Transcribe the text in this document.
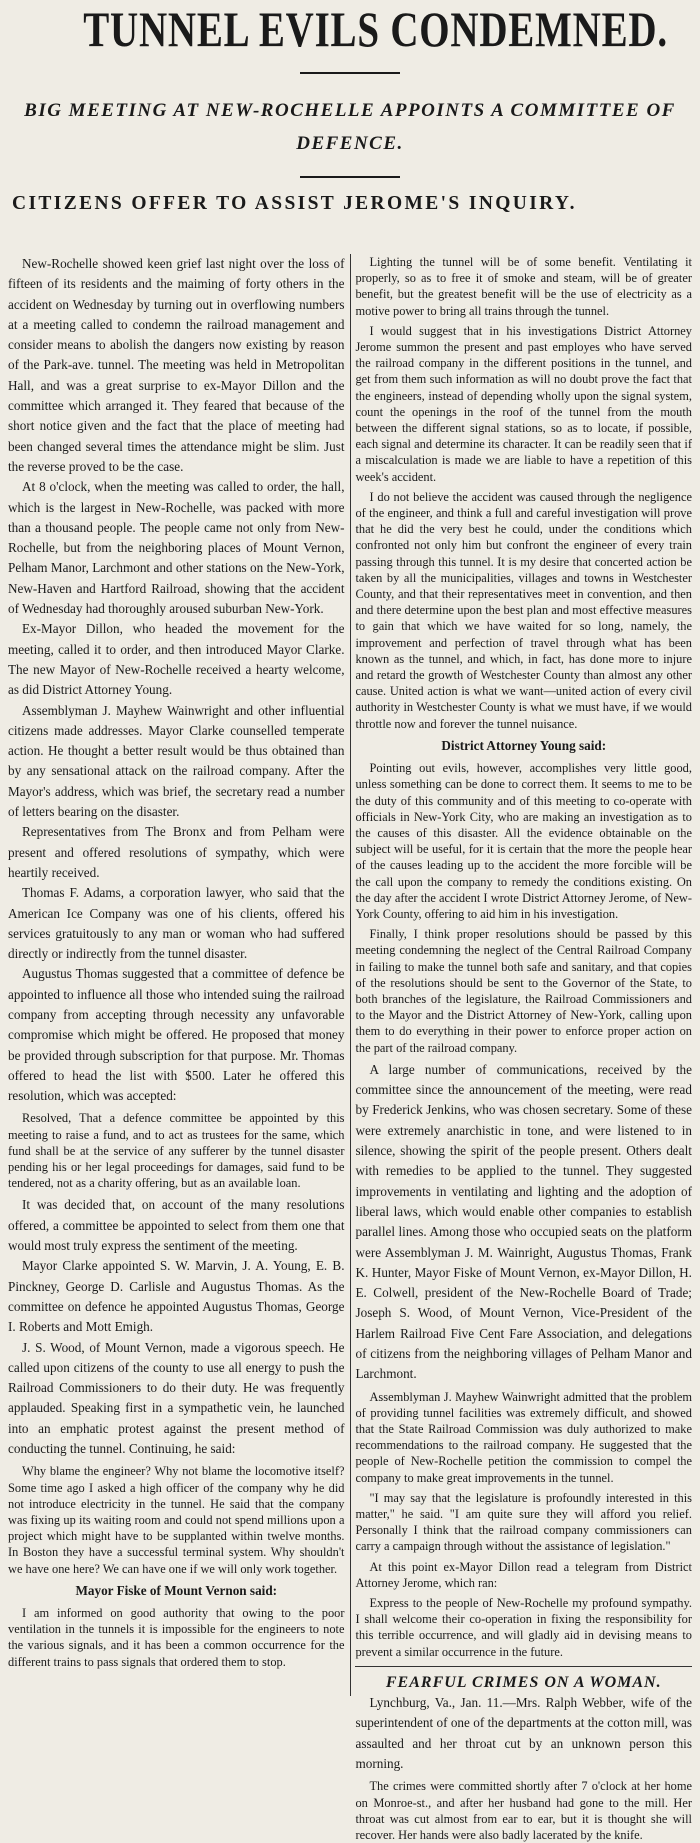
TUNNEL EVILS CONDEMNED.
BIG MEETING AT NEW-ROCHELLE APPOINTS A COMMITTEE OF DEFENCE.
CITIZENS OFFER TO ASSIST JEROME'S INQUIRY.

New-Rochelle showed keen grief last night over the loss of fifteen of its residents and the maiming of forty others in the accident on Wednesday by turning out in overflowing numbers at a meeting called to condemn the railroad management and consider means to abolish the dangers now existing by reason of the Park-ave. tunnel. The meeting was held in Metropolitan Hall, and was a great surprise to ex-Mayor Dillon and the committee which arranged it. They feared that because of the short notice given and the fact that the place of meeting had been changed several times the attendance might be slim. Just the reverse proved to be the case.

At 8 o'clock, when the meeting was called to order, the hall, which is the largest in New-Rochelle, was packed with more than a thousand people. The people came not only from New-Rochelle, but from the neighboring places of Mount Vernon, Pelham Manor, Larchmont and other stations on the New-York, New-Haven and Hartford Railroad, showing that the accident of Wednesday had thoroughly aroused suburban New-York.

Ex-Mayor Dillon, who headed the movement for the meeting, called it to order, and then introduced Mayor Clarke. The new Mayor of New-Rochelle received a hearty welcome, as did District Attorney Young.

Assemblyman J. Mayhew Wainwright and other influential citizens made addresses. Mayor Clarke counselled temperate action. He thought a better result would be thus obtained than by any sensational attack on the railroad company. After the Mayor's address, which was brief, the secretary read a number of letters bearing on the disaster.

Representatives from The Bronx and from Pelham were present and offered resolutions of sympathy, which were heartily received.

Thomas F. Adams, a corporation lawyer, who said that the American Ice Company was one of his clients, offered his services gratuitously to any man or woman who had suffered directly or indirectly from the tunnel disaster.

Augustus Thomas suggested that a committee of defence be appointed to influence all those who intended suing the railroad company from accepting through necessity any unfavorable compromise which might be offered. He proposed that money be provided through subscription for that purpose. Mr. Thomas offered to head the list with $500. Later he offered this resolution, which was accepted:

Resolved, That a defence committee be appointed by this meeting to raise a fund, and to act as trustees for the same, which fund shall be at the service of any sufferer by the tunnel disaster pending his or her legal proceedings for damages, said fund to be tendered, not as a charity offering, but as an available loan.

It was decided that, on account of the many resolutions offered, a committee be appointed to select from them one that would most truly express the sentiment of the meeting.

Mayor Clarke appointed S. W. Marvin, J. A. Young, E. B. Pinckney, George D. Carlisle and Augustus Thomas. As the committee on defence he appointed Augustus Thomas, George I. Roberts and Mott Emigh.

J. S. Wood, of Mount Vernon, made a vigorous speech. He called upon citizens of the county to use all energy to push the Railroad Commissioners to do their duty. He was frequently applauded. Speaking first in a sympathetic vein, he launched into an emphatic protest against the present method of conducting the tunnel. Continuing, he said:

Why blame the engineer? Why not blame the locomotive itself? Some time ago I asked a high officer of the company why he did not introduce electricity in the tunnel. He said that the company was fixing up its waiting room and could not spend millions upon a project which might have to be supplanted within twelve months. In Boston they have a successful terminal system. Why shouldn't we have one here? We can have one if we will only work together.

Mayor Fiske of Mount Vernon said:

I am informed on good authority that owing to the poor ventilation in the tunnels it is impossible for the engineers to note the various signals, and it has been a common occurrence for the different trains to pass signals that ordered them to stop.

Lighting the tunnel will be of some benefit. Ventilating it properly, so as to free it of smoke and steam, will be of greater benefit, but the greatest benefit will be the use of electricity as a motive power to bring all trains through the tunnel.

I would suggest that in his investigations District Attorney Jerome summon the present and past employes who have served the railroad company in the different positions in the tunnel, and get from them such information as will no doubt prove the fact that the engineers, instead of depending wholly upon the signal system, count the openings in the roof of the tunnel from the mouth between the different signal stations, so as to locate, if possible, each signal and determine its character. It can be readily seen that if a miscalculation is made we are liable to have a repetition of this week's accident.

I do not believe the accident was caused through the negligence of the engineer, and think a full and careful investigation will prove that he did the very best he could, under the conditions which confronted not only him but confront the engineer of every train passing through this tunnel. It is my desire that concerted action be taken by all the municipalities, villages and towns in Westchester County, and that their representatives meet in convention, and then and there determine upon the best plan and most effective measures to gain that which we have waited for so long, namely, the improvement and perfection of travel through what has been known as the tunnel, and which, in fact, has done more to injure and retard the growth of Westchester County than almost any other cause. United action is what we want—united action of every civil authority in Westchester County is what we must have, if we would throttle now and forever the tunnel nuisance.

District Attorney Young said:

Pointing out evils, however, accomplishes very little good, unless something can be done to correct them. It seems to me to be the duty of this community and of this meeting to co-operate with officials in New-York City, who are making an investigation as to the causes of this disaster. All the evidence obtainable on the subject will be useful, for it is certain that the more the people hear of the causes leading up to the accident the more forcible will be the call upon the company to remedy the conditions existing. On the day after the accident I wrote District Attorney Jerome, of New-York County, offering to aid him in his investigation.

Finally, I think proper resolutions should be passed by this meeting condemning the neglect of the Central Railroad Company in failing to make the tunnel both safe and sanitary, and that copies of the resolutions should be sent to the Governor of the State, to both branches of the legislature, the Railroad Commissioners and to the Mayor and the District Attorney of New-York, calling upon them to do everything in their power to enforce proper action on the part of the railroad company.

A large number of communications, received by the committee since the announcement of the meeting, were read by Frederick Jenkins, who was chosen secretary. Some of these were extremely anarchistic in tone, and were listened to in silence, showing the spirit of the people present. Others dealt with remedies to be applied to the tunnel. They suggested improvements in ventilating and lighting and the adoption of liberal laws, which would enable other companies to establish parallel lines. Among those who occupied seats on the platform were Assemblyman J. M. Wainright, Augustus Thomas, Frank K. Hunter, Mayor Fiske of Mount Vernon, ex-Mayor Dillon, H. E. Colwell, president of the New-Rochelle Board of Trade; Joseph S. Wood, of Mount Vernon, Vice-President of the Harlem Railroad Five Cent Fare Association, and delegations of citizens from the neighboring villages of Pelham Manor and Larchmont.

Assemblyman J. Mayhew Wainwright admitted that the problem of providing tunnel facilities was extremely difficult, and showed that the State Railroad Commission was duly authorized to make recommendations to the railroad company. He suggested that the people of New-Rochelle petition the commission to compel the company to make great improvements in the tunnel.

"I may say that the legislature is profoundly interested in this matter," he said. "I am quite sure they will afford you relief. Personally I think that the railroad company commissioners can carry a campaign through without the assistance of legislation."

At this point ex-Mayor Dillon read a telegram from District Attorney Jerome, which ran:

Express to the people of New-Rochelle my profound sympathy. I shall welcome their co-operation in fixing the responsibility for this terrible occurrence, and will gladly aid in devising means to prevent a similar occurrence in the future.

FEARFUL CRIMES ON A WOMAN.

Lynchburg, Va., Jan. 11.—Mrs. Ralph Webber, wife of the superintendent of one of the departments at the cotton mill, was assaulted and her throat cut by an unknown person this morning.

The crimes were committed shortly after 7 o'clock at her home on Monroe-st., and after her husband had gone to the mill. Her throat was cut almost from ear to ear, but it is thought she will recover. Her hands were also badly lacerated by the knife.
